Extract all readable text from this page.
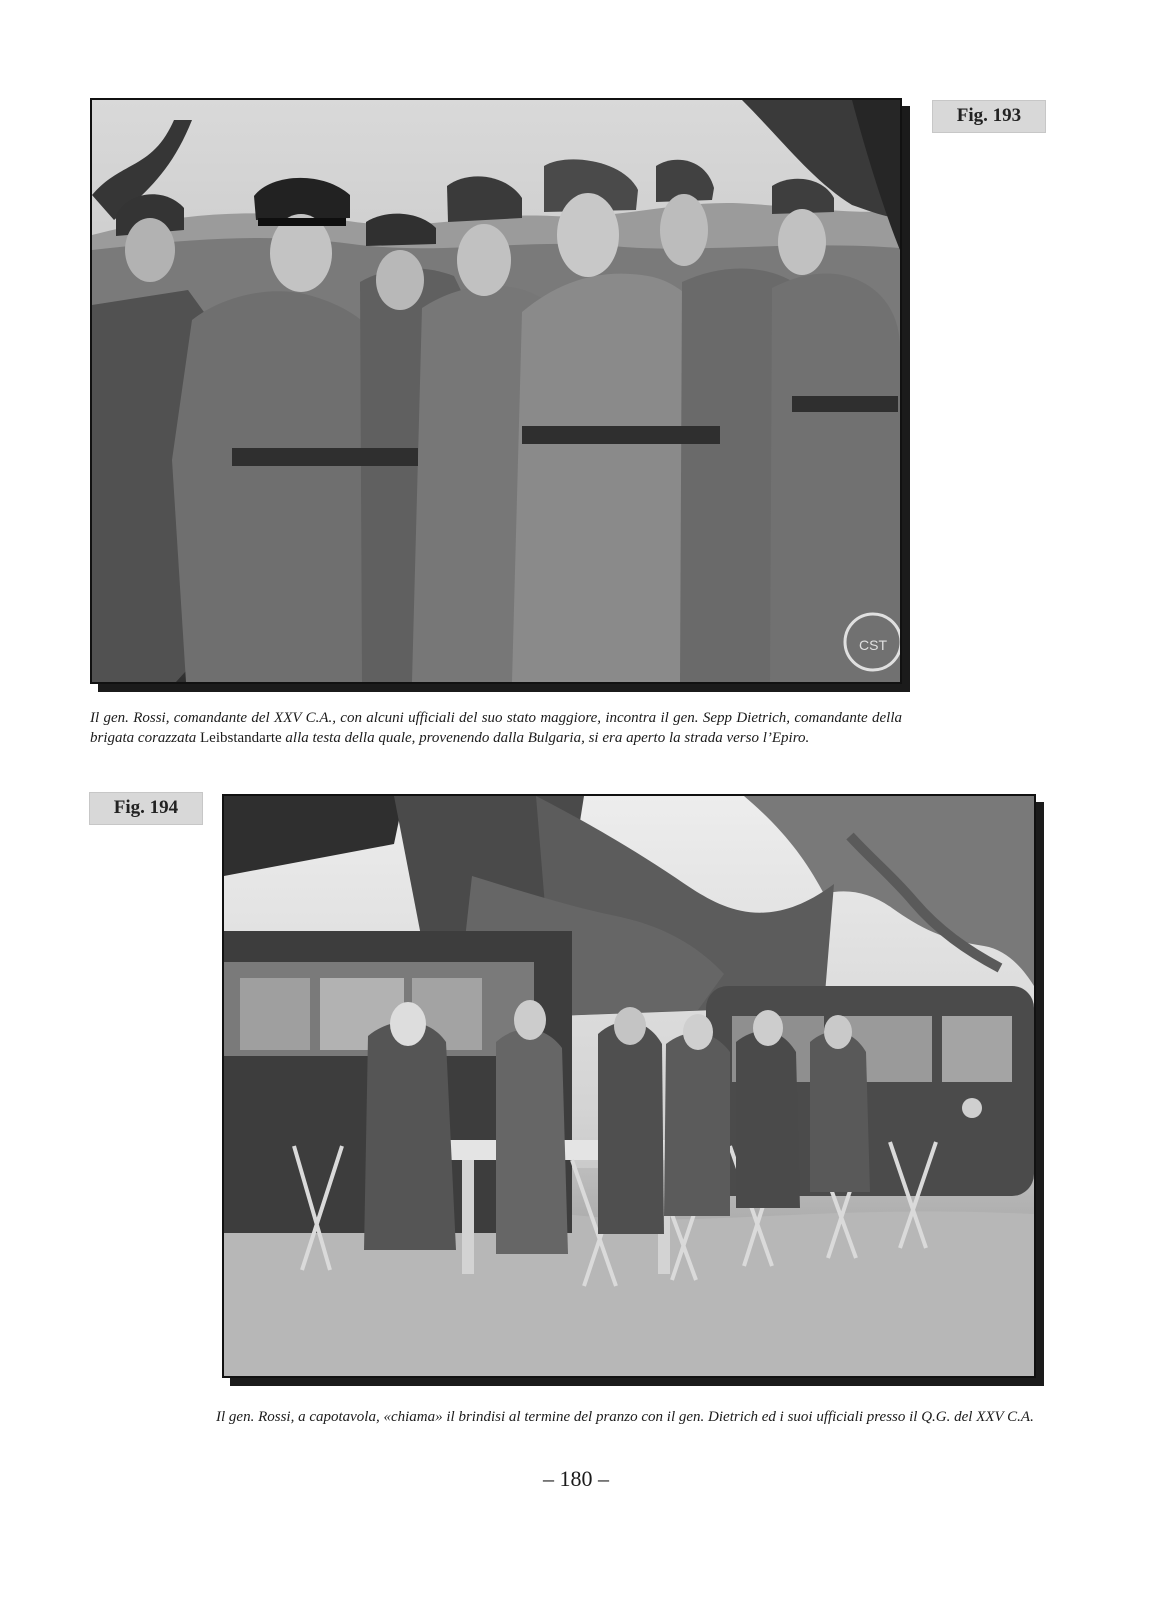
CST
Fig. 193
Il gen. Rossi, comandante del XXV C.A., con alcuni ufficiali del suo stato maggiore, incontra il gen. Sepp Dietrich, comandante della brigata corazzata Leibstandarte alla testa della quale, provenendo dalla Bulgaria, si era aperto la strada verso l’Epiro.
Fig. 194
Il gen. Rossi, a capotavola, «chiama» il brindisi al termine del pranzo con il gen. Dietrich ed i suoi ufficiali presso il Q.G. del XXV C.A.
– 180 –
